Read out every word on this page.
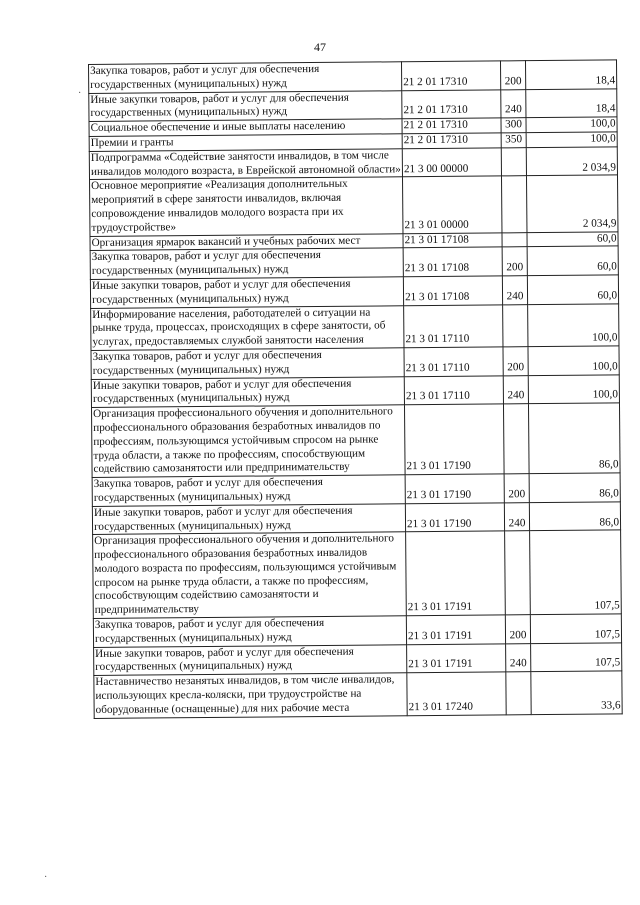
47
Закупка товаров, работ и услуг для обеспечения государственных (муниципальных) нужд	21 2 01 17310	200	18,4
Иные закупки товаров, работ и услуг для обеспечения государственных (муниципальных) нужд	21 2 01 17310	240	18,4
Социальное обеспечение и иные выплаты населению	21 2 01 17310	300	100,0
Премии и гранты	21 2 01 17310	350	100,0
Подпрограмма «Содействие занятости инвалидов, в том числе инвалидов молодого возраста, в Еврейской автономной области»	21 3 00 00000		2 034,9
Основное мероприятие «Реализация дополнительных мероприятий в сфере занятости инвалидов, включая сопровождение инвалидов молодого возраста при их трудоустройстве»	21 3 01 00000		2 034,9
Организация ярмарок вакансий и учебных рабочих мест	21 3 01 17108		60,0
Закупка товаров, работ и услуг для обеспечения государственных (муниципальных) нужд	21 3 01 17108	200	60,0
Иные закупки товаров, работ и услуг для обеспечения государственных (муниципальных) нужд	21 3 01 17108	240	60,0
Информирование населения, работодателей о ситуации на рынке труда, процессах, происходящих в сфере занятости, об услугах, предоставляемых службой занятости населения	21 3 01 17110		100,0
Закупка товаров, работ и услуг для обеспечения государственных (муниципальных) нужд	21 3 01 17110	200	100,0
Иные закупки товаров, работ и услуг для обеспечения государственных (муниципальных) нужд	21 3 01 17110	240	100,0
Организация профессионального обучения и дополнительного профессионального образования безработных инвалидов по профессиям, пользующимся устойчивым спросом на рынке труда области, а также по профессиям, способствующим содействию самозанятости или предпринимательству	21 3 01 17190		86,0
Закупка товаров, работ и услуг для обеспечения государственных (муниципальных) нужд	21 3 01 17190	200	86,0
Иные закупки товаров, работ и услуг для обеспечения государственных (муниципальных) нужд	21 3 01 17190	240	86,0
Организация профессионального обучения и дополнительного профессионального образования безработных инвалидов молодого возраста по профессиям, пользующимся устойчивым спросом на рынке труда области, а также по профессиям, способствующим содействию самозанятости и предпринимательству	21 3 01 17191		107,5
Закупка товаров, работ и услуг для обеспечения государственных (муниципальных) нужд	21 3 01 17191	200	107,5
Иные закупки товаров, работ и услуг для обеспечения государственных (муниципальных) нужд	21 3 01 17191	240	107,5
Наставничество незанятых инвалидов, в том числе инвалидов, использующих кресла-коляски, при трудоустройстве на оборудованные (оснащенные) для них рабочие места	21 3 01 17240		33,6
·
·
